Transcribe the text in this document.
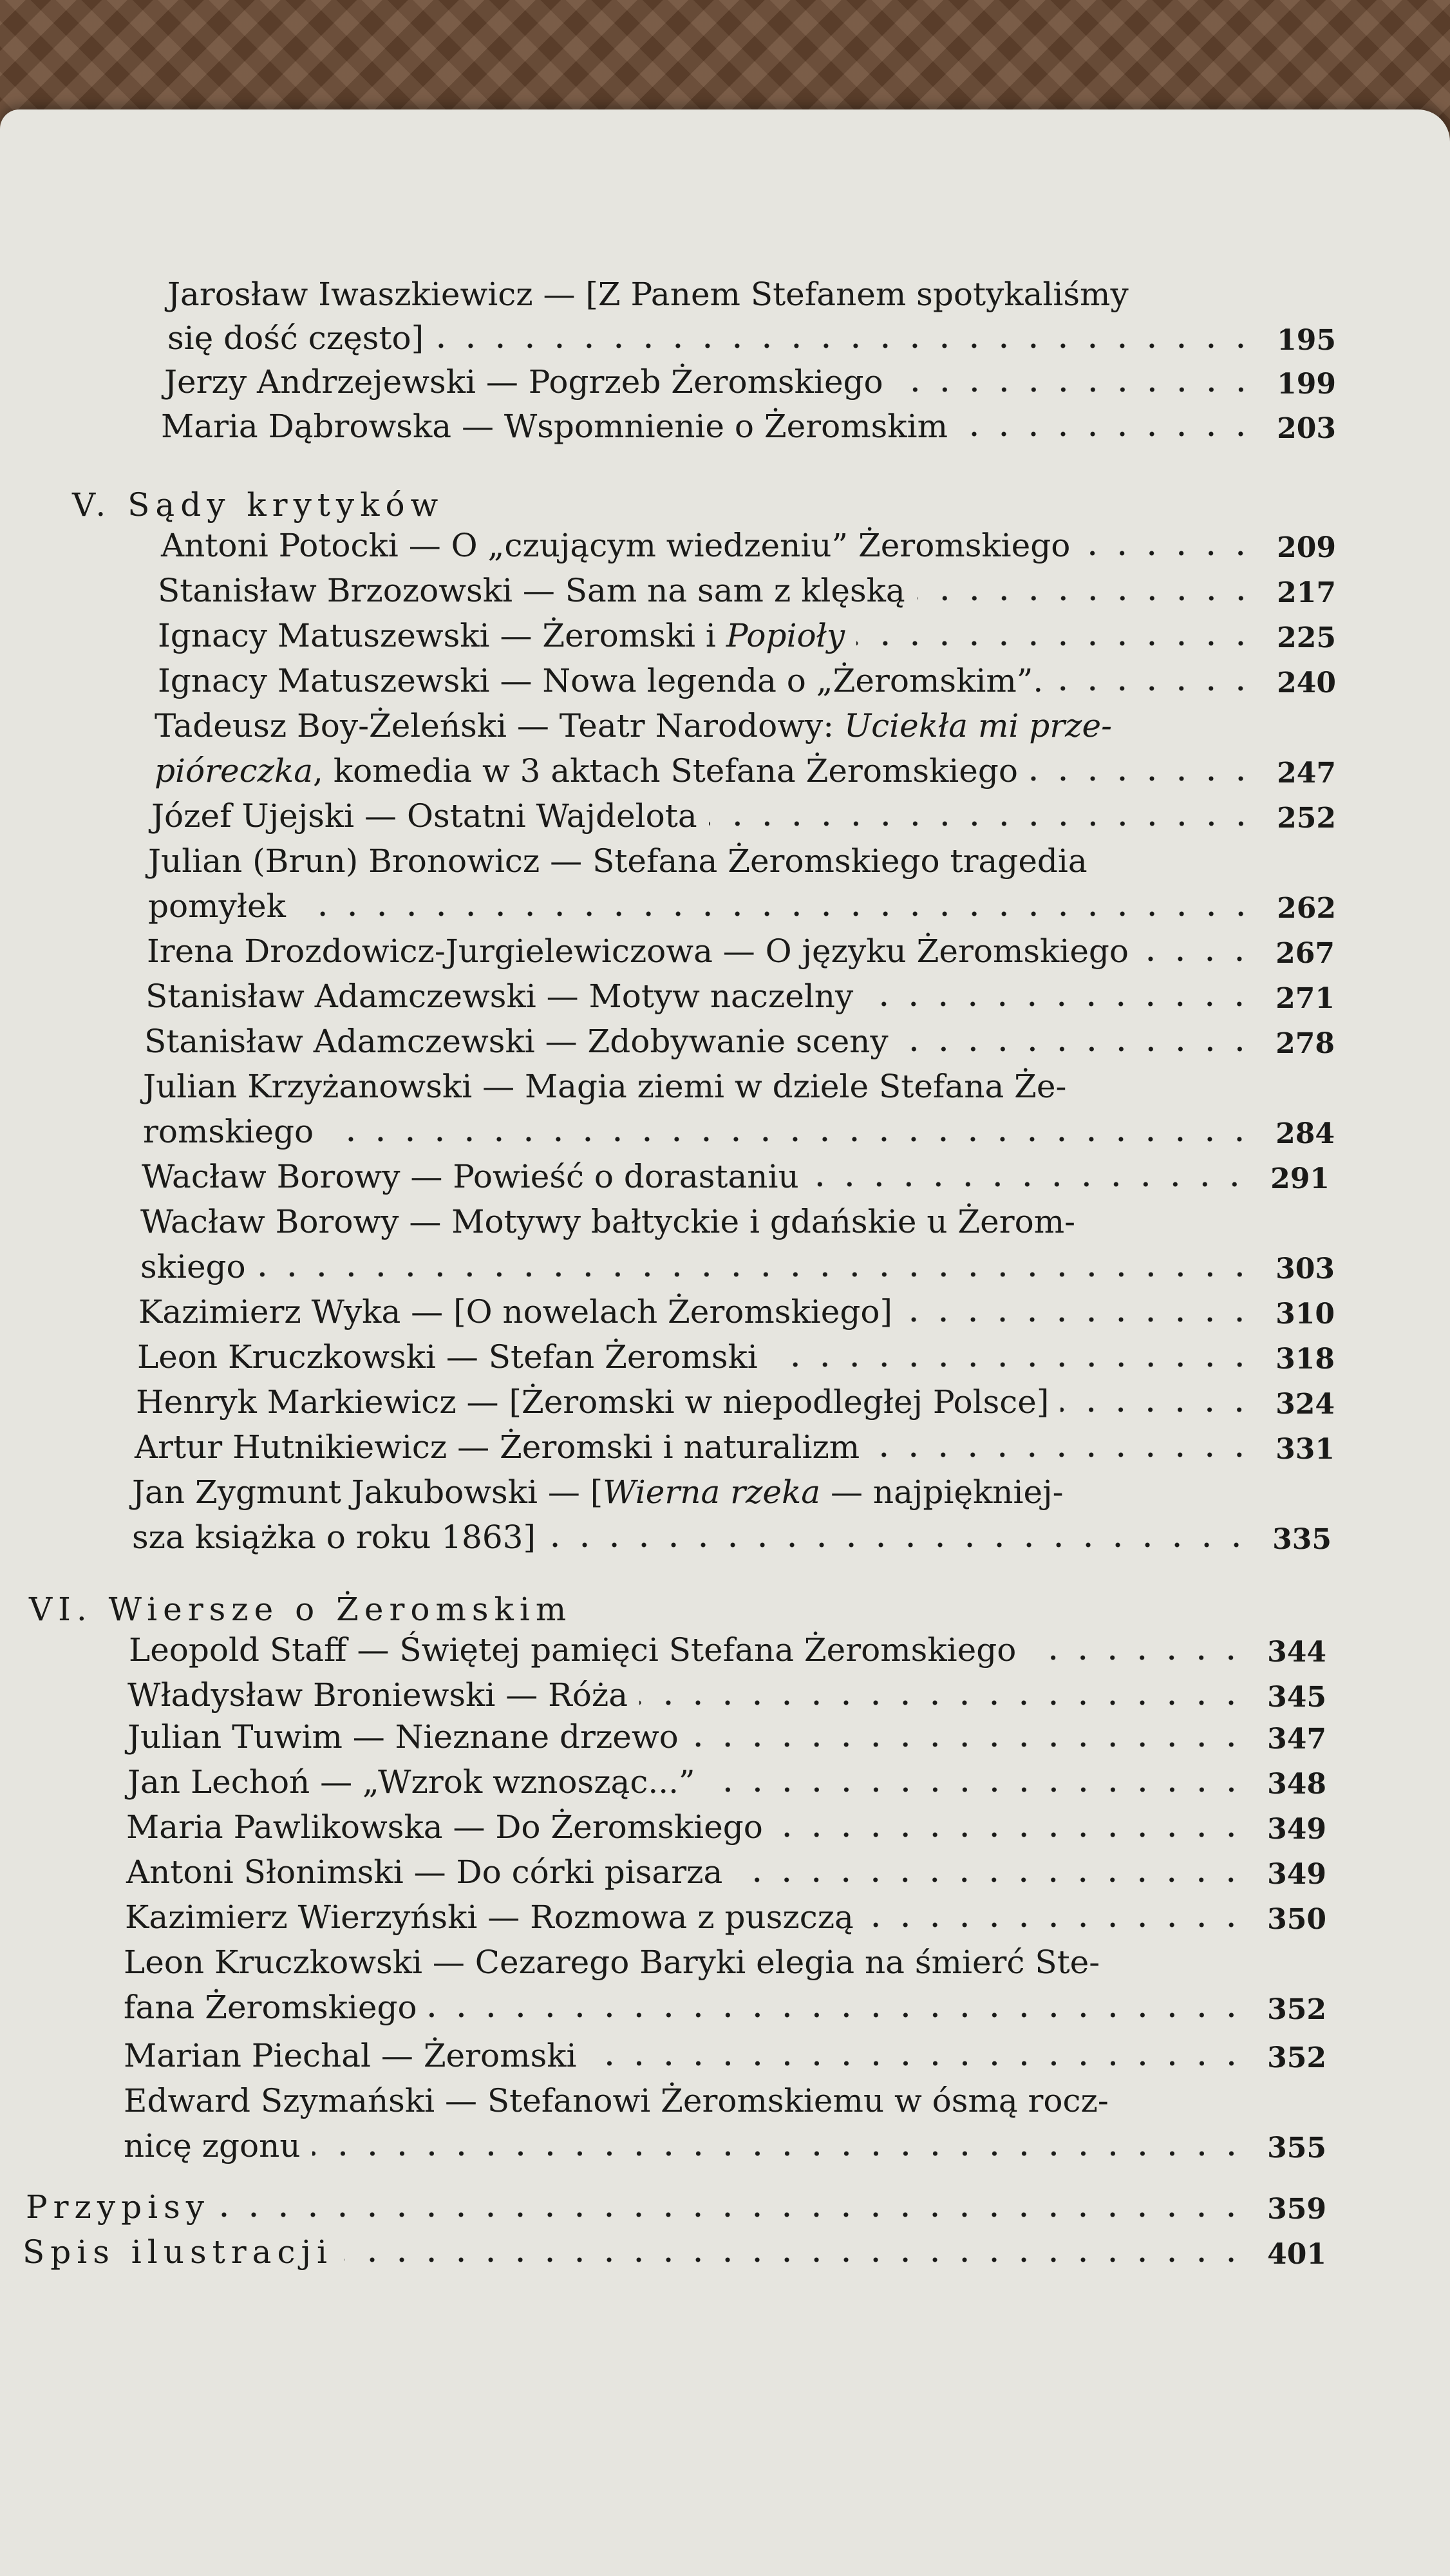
Jarosław Iwaszkiewicz — [Z Panem Stefanem spotykaliśmy
się dość często]	195
Jerzy Andrzejewski — Pogrzeb Żeromskiego	199
Maria Dąbrowska — Wspomnienie o Żeromskim	203
V. Sądy krytyków
Antoni Potocki — O „czującym wiedzeniu” Żeromskiego	209
Stanisław Brzozowski — Sam na sam z klęską	217
Ignacy Matuszewski — Żeromski i Popioły	225
Ignacy Matuszewski — Nowa legenda o „Żeromskim”.	240
Tadeusz Boy-Żeleński — Teatr Narodowy: Uciekła mi prze-
pióreczka, komedia w 3 aktach Stefana Żeromskiego	247
Józef Ujejski — Ostatni Wajdelota	252
Julian (Brun) Bronowicz — Stefana Żeromskiego tragedia
pomyłek	262
Irena Drozdowicz-Jurgielewiczowa — O języku Żeromskiego	267
Stanisław Adamczewski — Motyw naczelny	271
Stanisław Adamczewski — Zdobywanie sceny	278
Julian Krzyżanowski — Magia ziemi w dziele Stefana Że-
romskiego	284
Wacław Borowy — Powieść o dorastaniu	291
Wacław Borowy — Motywy bałtyckie i gdańskie u Żerom-
skiego	303
Kazimierz Wyka — [O nowelach Żeromskiego]	310
Leon Kruczkowski — Stefan Żeromski	318
Henryk Markiewicz — [Żeromski w niepodległej Polsce]	324
Artur Hutnikiewicz — Żeromski i naturalizm	331
Jan Zygmunt Jakubowski — [Wierna rzeka — najpiękniej-
sza książka o roku 1863]	335
VI. Wiersze o Żeromskim
Leopold Staff — Świętej pamięci Stefana Żeromskiego	344
Władysław Broniewski — Róża	345
Julian Tuwim — Nieznane drzewo	347
Jan Lechoń — „Wzrok wznosząc...”	348
Maria Pawlikowska — Do Żeromskiego	349
Antoni Słonimski — Do córki pisarza	349
Kazimierz Wierzyński — Rozmowa z puszczą	350
Leon Kruczkowski — Cezarego Baryki elegia na śmierć Ste-
fana Żeromskiego	352
Marian Piechal — Żeromski	352
Edward Szymański — Stefanowi Żeromskiemu w ósmą rocz-
nicę zgonu	355
Przypisy	359
Spis ilustracji	401
